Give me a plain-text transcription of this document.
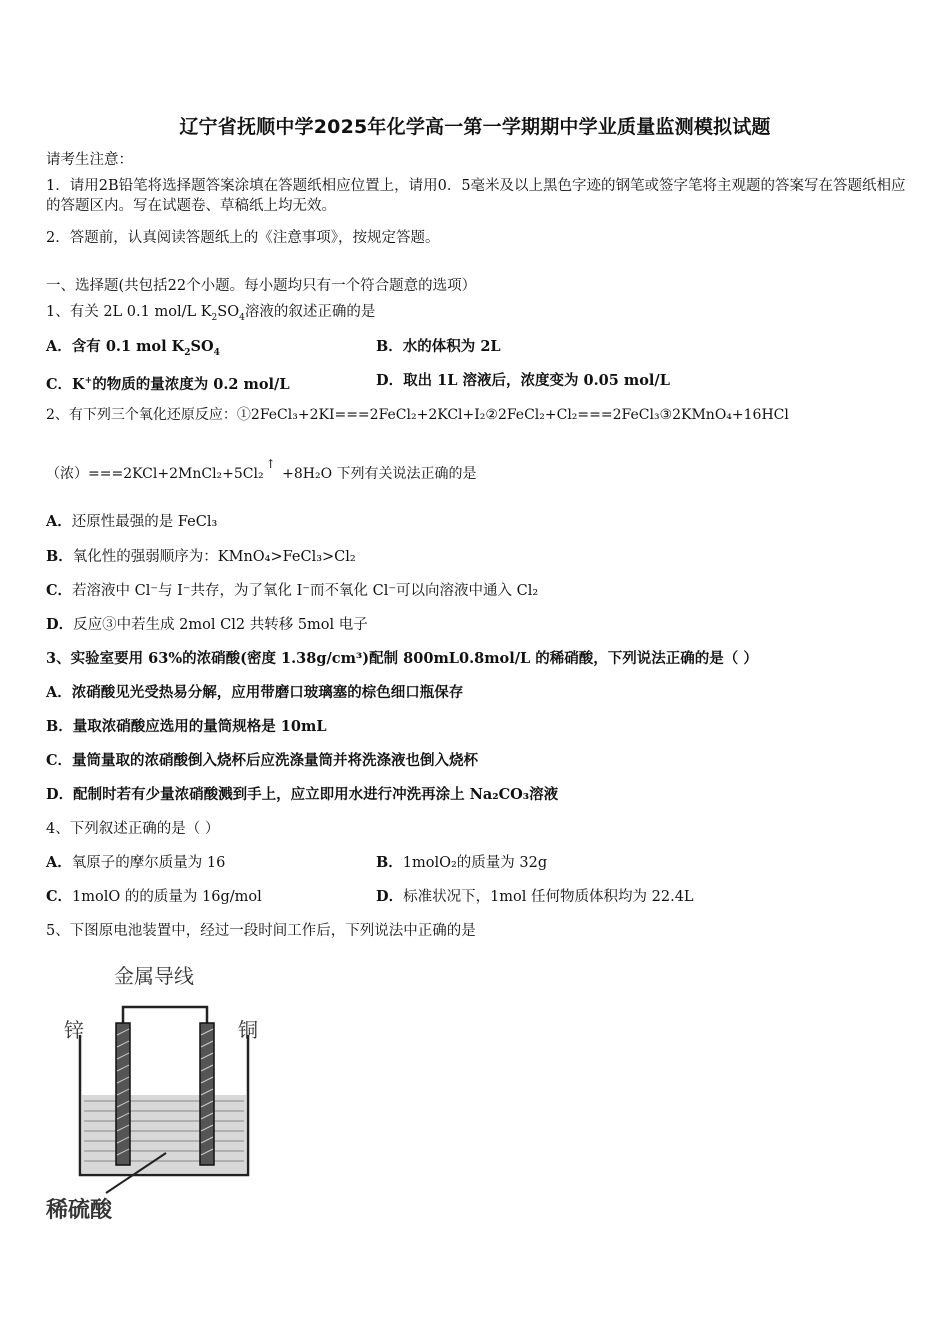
辽宁省抚顺中学2025年化学高一第一学期期中学业质量监测模拟试题
请考生注意：
1．请用2B铅笔将选择题答案涂填在答题纸相应位置上，请用0．5毫米及以上黑色字迹的钢笔或签字笔将主观题的答案写在答题纸相应的答题区内。写在试题卷、草稿纸上均无效。
2．答题前，认真阅读答题纸上的《注意事项》，按规定答题。
一、选择题(共包括22个小题。每小题均只有一个符合题意的选项）
1、有关 2L 0.1 mol/L $K_2SO_4$溶液的叙述正确的是
A．含有 0.1 mol $K_2SO_4$	B．水的体积为 2L
C．K+的物质的量浓度为 0.2 mol/L	D．取出 1L 溶液后，浓度变为 0.05 mol/L
2、有下列三个氧化还原反应：①2FeCl₃+2KI===2FeCl₂+2KCl+I₂②2FeCl₂+Cl₂===2FeCl₃③2KMnO₄+16HCl
（浓）===2KCl+2MnCl₂+5Cl₂↑ +8H₂O 下列有关说法正确的是
A．还原性最强的是 FeCl₃
B．氧化性的强弱顺序为：KMnO₄>FeCl₃>Cl₂
C．若溶液中 Cl⁻与 I⁻共存，为了氧化 I⁻而不氧化 Cl⁻可以向溶液中通入 Cl₂
D．反应③中若生成 2mol Cl2 共转移 5mol 电子
3、实验室要用 63%的浓硝酸(密度 1.38g/cm³)配制 800mL0.8mol/L 的稀硝酸，下列说法正确的是（ ）
A．浓硝酸见光受热易分解，应用带磨口玻璃塞的棕色细口瓶保存
B．量取浓硝酸应选用的量筒规格是 10mL
C．量筒量取的浓硝酸倒入烧杯后应洗涤量筒并将洗涤液也倒入烧杯
D．配制时若有少量浓硝酸溅到手上，应立即用水进行冲洗再涂上 Na₂CO₃溶液
4、下列叙述正确的是（ ）
A．氧原子的摩尔质量为 16	B．1molO₂的质量为 32g
C．1molO 的的质量为 16g/mol	D．标准状况下，1mol 任何物质体积均为 22.4L
5、下图原电池装置中，经过一段时间工作后，下列说法中正确的是
金属导线
锌	铜
稀硫酸
